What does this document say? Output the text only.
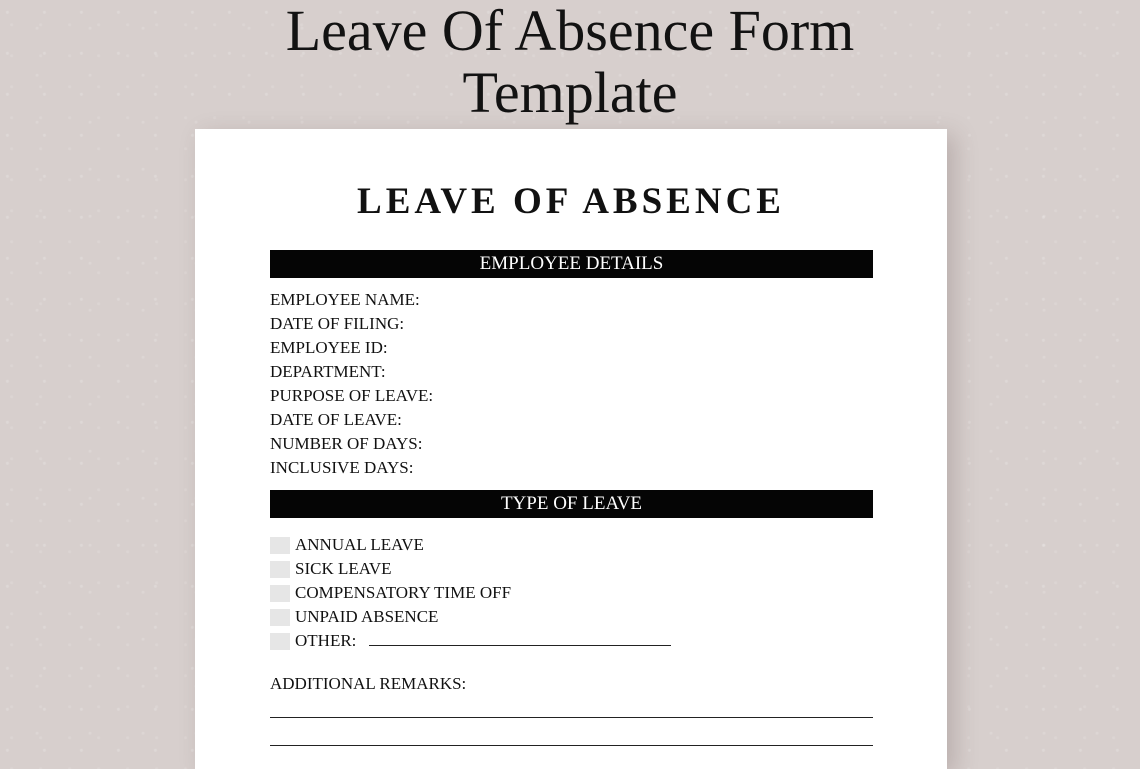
Leave Of Absence Form
Template
LEAVE OF ABSENCE
EMPLOYEE DETAILS
EMPLOYEE NAME:
DATE OF FILING:
EMPLOYEE ID:
DEPARTMENT:
PURPOSE OF LEAVE:
DATE OF LEAVE:
NUMBER OF DAYS:
INCLUSIVE DAYS:
TYPE OF LEAVE
ANNUAL LEAVE
SICK LEAVE
COMPENSATORY TIME OFF
UNPAID ABSENCE
OTHER:
ADDITIONAL REMARKS:
